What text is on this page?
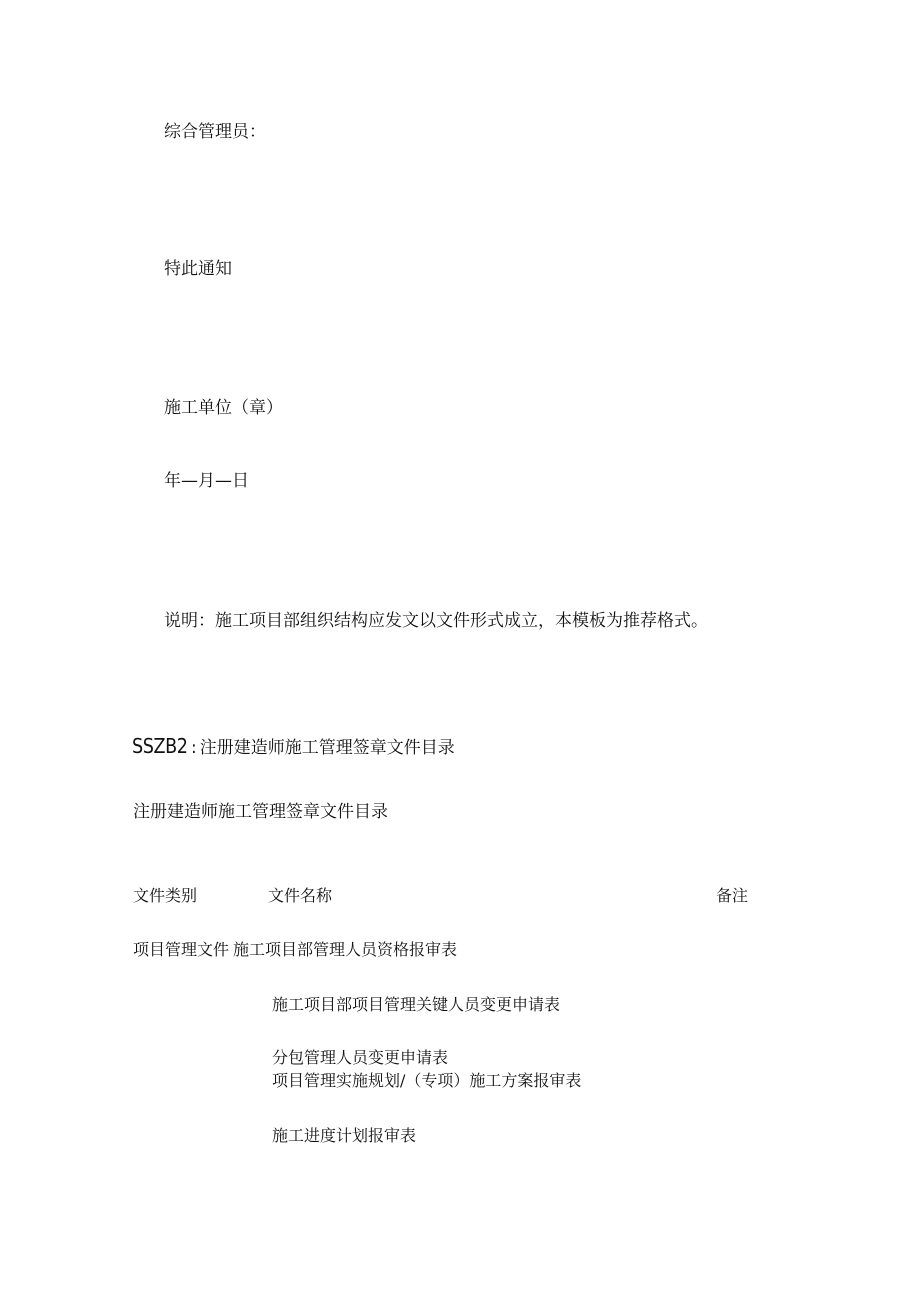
综合管理员：
特此通知
施工单位（章）
年—月—日
说明：施工项目部组织结构应发文以文件形式成立，本模板为推荐格式。
SSZB2 : 注册建造师施工管理签章文件目录
注册建造师施工管理签章文件目录
文件类别	文件名称	备注
项目管理文件 施工项目部管理人员资格报审表
施工项目部项目管理关键人员变更申请表
分包管理人员变更申请表
项目管理实施规划/（专项）施工方案报审表
施工进度计划报审表
